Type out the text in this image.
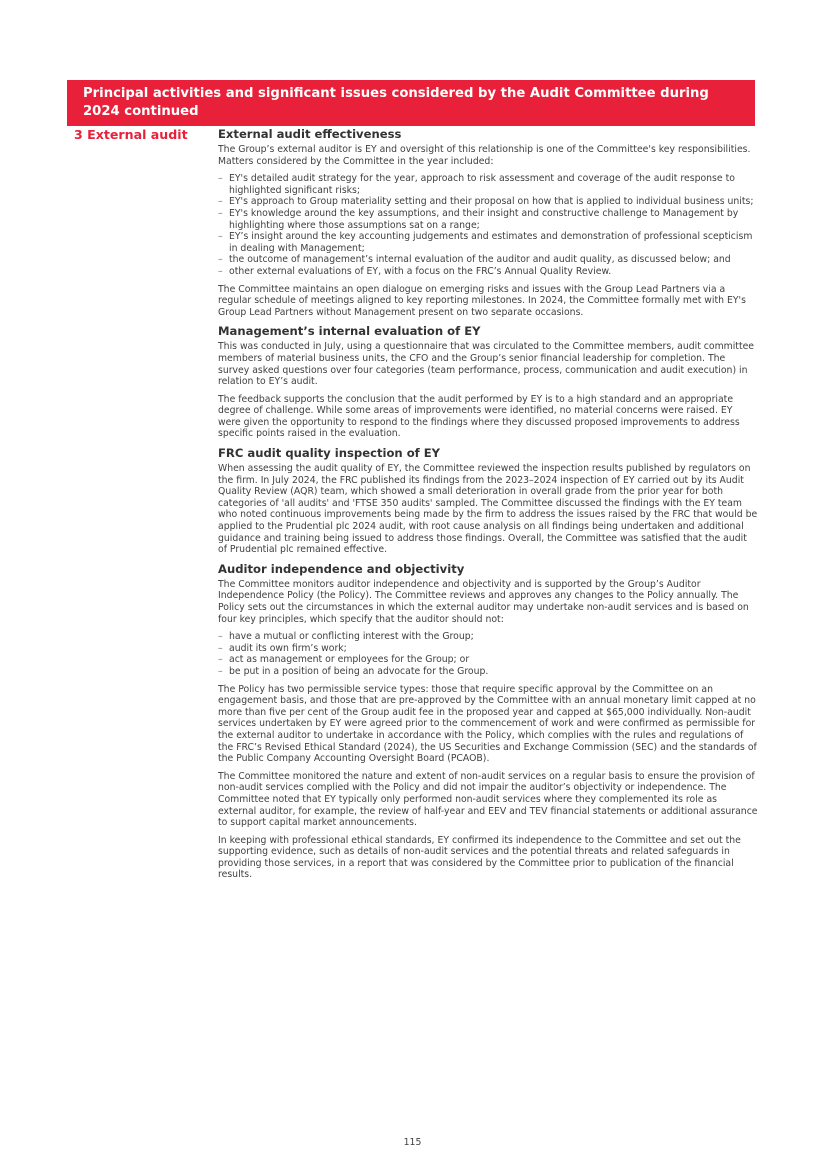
Principal activities and significant issues considered by the Audit Committee during 2024 continued
3 External audit	External audit effectiveness

The Group’s external auditor is EY and oversight of this relationship is one of the Committee's key responsibilities. Matters considered by the Committee in the year included:

– EY's detailed audit strategy for the year, approach to risk assessment and coverage of the audit response to highlighted significant risks;
– EY's approach to Group materiality setting and their proposal on how that is applied to individual business units;
– EY's knowledge around the key assumptions, and their insight and constructive challenge to Management by highlighting where those assumptions sat on a range;
– EY’s insight around the key accounting judgements and estimates and demonstration of professional scepticism in dealing with Management;
– the outcome of management’s internal evaluation of the auditor and audit quality, as discussed below; and
– other external evaluations of EY, with a focus on the FRC’s Annual Quality Review.

The Committee maintains an open dialogue on emerging risks and issues with the Group Lead Partners via a regular schedule of meetings aligned to key reporting milestones. In 2024, the Committee formally met with EY's Group Lead Partners without Management present on two separate occasions.

Management’s internal evaluation of EY

This was conducted in July, using a questionnaire that was circulated to the Committee members, audit committee members of material business units, the CFO and the Group’s senior financial leadership for completion. The survey asked questions over four categories (team performance, process, communication and audit execution) in relation to EY’s audit.

The feedback supports the conclusion that the audit performed by EY is to a high standard and an appropriate degree of challenge. While some areas of improvements were identified, no material concerns were raised. EY were given the opportunity to respond to the findings where they discussed proposed improvements to address specific points raised in the evaluation.

FRC audit quality inspection of EY

When assessing the audit quality of EY, the Committee reviewed the inspection results published by regulators on the firm. In July 2024, the FRC published its findings from the 2023–2024 inspection of EY carried out by its Audit Quality Review (AQR) team, which showed a small deterioration in overall grade from the prior year for both categories of 'all audits' and 'FTSE 350 audits' sampled. The Committee discussed the findings with the EY team who noted continuous improvements being made by the firm to address the issues raised by the FRC that would be applied to the Prudential plc 2024 audit, with root cause analysis on all findings being undertaken and additional guidance and training being issued to address those findings. Overall, the Committee was satisfied that the audit of Prudential plc remained effective.

Auditor independence and objectivity

The Committee monitors auditor independence and objectivity and is supported by the Group’s Auditor Independence Policy (the Policy). The Committee reviews and approves any changes to the Policy annually. The Policy sets out the circumstances in which the external auditor may undertake non-audit services and is based on four key principles, which specify that the auditor should not:

– have a mutual or conflicting interest with the Group;
– audit its own firm’s work;
– act as management or employees for the Group; or
– be put in a position of being an advocate for the Group.

The Policy has two permissible service types: those that require specific approval by the Committee on an engagement basis, and those that are pre-approved by the Committee with an annual monetary limit capped at no more than five per cent of the Group audit fee in the proposed year and capped at $65,000 individually. Non-audit services undertaken by EY were agreed prior to the commencement of work and were confirmed as permissible for the external auditor to undertake in accordance with the Policy, which complies with the rules and regulations of the FRC’s Revised Ethical Standard (2024), the US Securities and Exchange Commission (SEC) and the standards of the Public Company Accounting Oversight Board (PCAOB).

The Committee monitored the nature and extent of non-audit services on a regular basis to ensure the provision of non-audit services complied with the Policy and did not impair the auditor’s objectivity or independence. The Committee noted that EY typically only performed non-audit services where they complemented its role as external auditor, for example, the review of half-year and EEV and TEV financial statements or additional assurance to support capital market announcements.

In keeping with professional ethical standards, EY confirmed its independence to the Committee and set out the supporting evidence, such as details of non-audit services and the potential threats and related safeguards in providing those services, in a report that was considered by the Committee prior to publication of the financial results.

115
